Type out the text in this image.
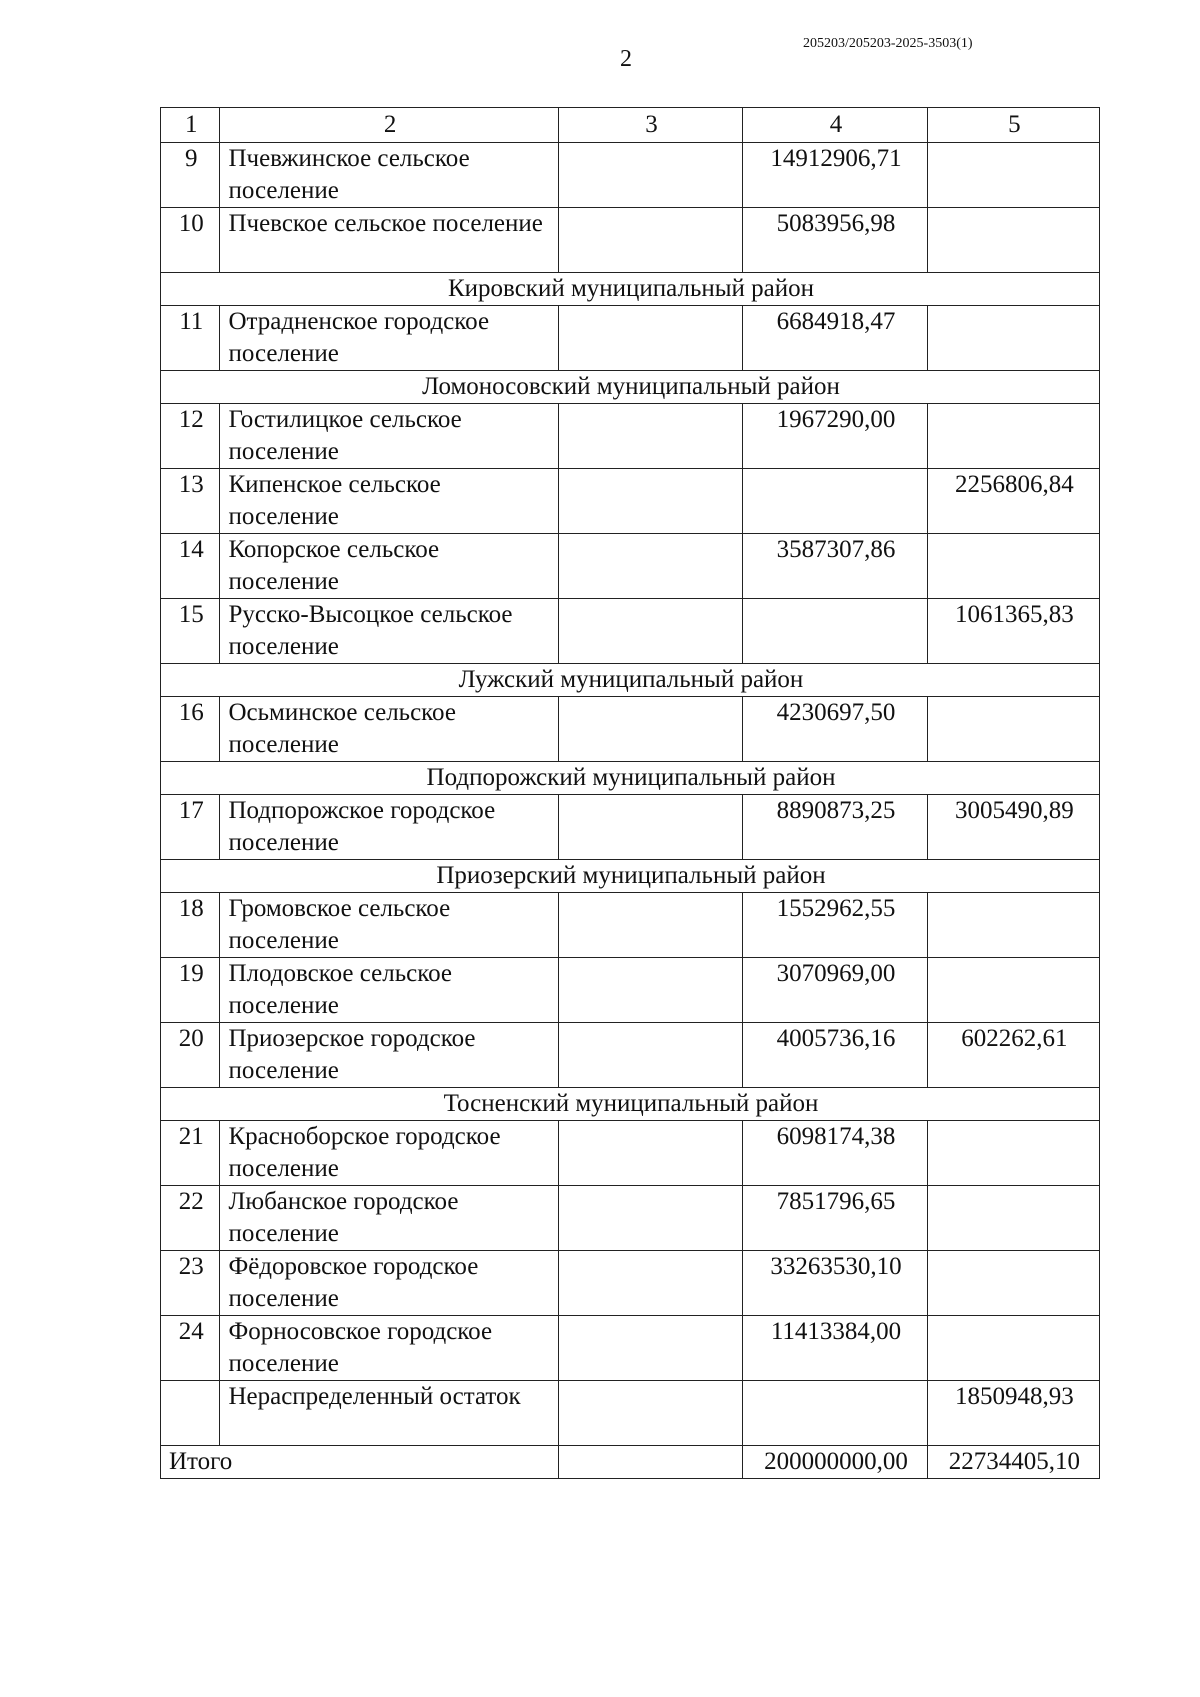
2
205203/205203-2025-3503(1)
1	2	3	4	5
9	Пчевжинское сельское поселение		14912906,71	
10	Пчевское сельское поселение		5083956,98	
Кировский муниципальный район				
11	Отрадненское городское поселение		6684918,47	
Ломоносовский муниципальный район				
12	Гостилицкое сельское поселение		1967290,00	
13	Кипенское сельское поселение			2256806,84
14	Копорское сельское поселение		3587307,86	
15	Русско-Высоцкое сельское поселение			1061365,83
Лужский муниципальный район				
16	Осьминское сельское поселение		4230697,50	
Подпорожский муниципальный район				
17	Подпорожское городское поселение		8890873,25	3005490,89
Приозерский муниципальный район				
18	Громовское сельское поселение		1552962,55	
19	Плодовское сельское поселение		3070969,00	
20	Приозерское городское поселение		4005736,16	602262,61
Тосненский муниципальный район				
21	Красноборское городское поселение		6098174,38	
22	Любанское городское поселение		7851796,65	
23	Фёдоровское городское поселение		33263530,10	
24	Форносовское городское поселение		11413384,00	
	Нераспределенный остаток			1850948,93
Итого			200000000,00	22734405,10
